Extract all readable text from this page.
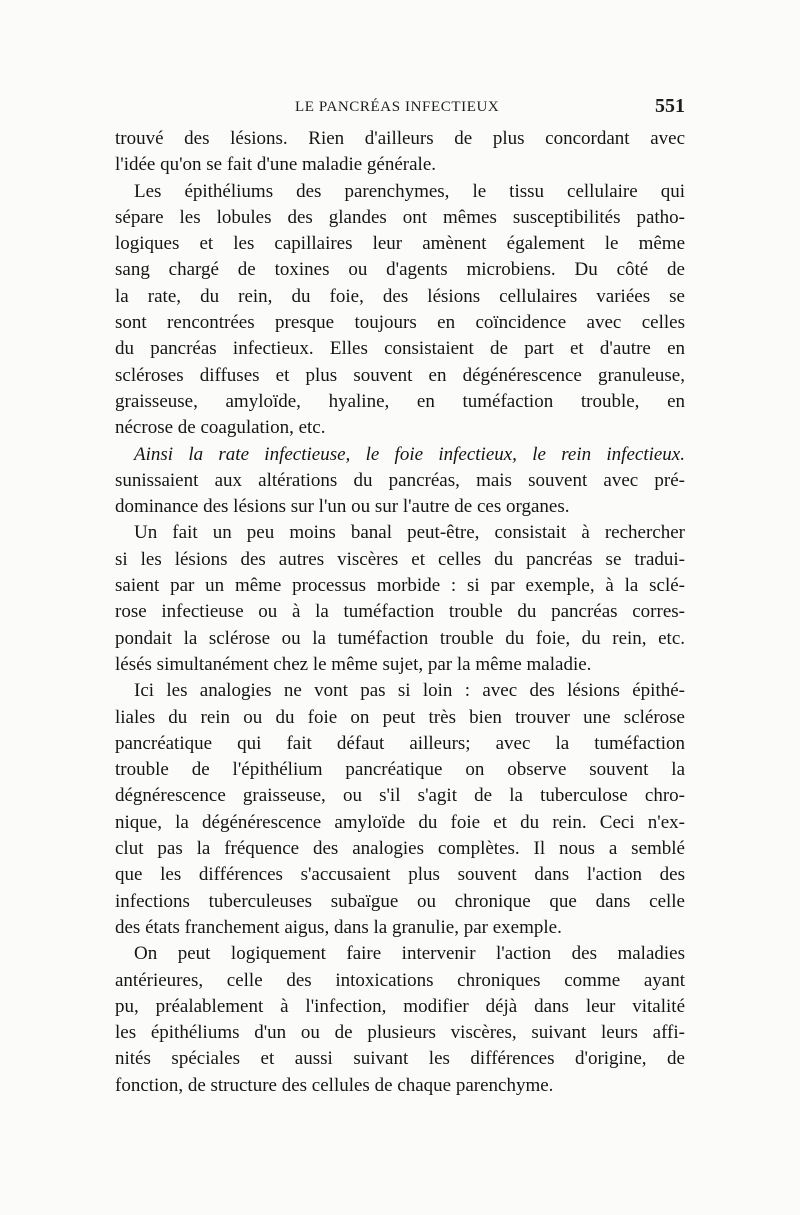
LE PANCRÉAS INFECTIEUX	551
trouvé des lésions. Rien d'ailleurs de plus concordant avec
l'idée qu'on se fait d'une maladie générale.
Les épithéliums des parenchymes, le tissu cellulaire qui
sépare les lobules des glandes ont mêmes susceptibilités patho-
logiques et les capillaires leur amènent également le même
sang chargé de toxines ou d'agents microbiens. Du côté de
la rate, du rein, du foie, des lésions cellulaires variées se
sont rencontrées presque toujours en coïncidence avec celles
du pancréas infectieux. Elles consistaient de part et d'autre en
scléroses diffuses et plus souvent en dégénérescence granuleuse,
graisseuse, amyloïde, hyaline, en tuméfaction trouble, en
nécrose de coagulation, etc.
Ainsi la rate infectieuse, le foie infectieux, le rein infectieux.
sunissaient aux altérations du pancréas, mais souvent avec pré-
dominance des lésions sur l'un ou sur l'autre de ces organes.
Un fait un peu moins banal peut-être, consistait à rechercher
si les lésions des autres viscères et celles du pancréas se tradui-
saient par un même processus morbide : si par exemple, à la sclé-
rose infectieuse ou à la tuméfaction trouble du pancréas corres-
pondait la sclérose ou la tuméfaction trouble du foie, du rein, etc.
lésés simultanément chez le même sujet, par la même maladie.
Ici les analogies ne vont pas si loin : avec des lésions épithé-
liales du rein ou du foie on peut très bien trouver une sclérose
pancréatique qui fait défaut ailleurs; avec la tuméfaction
trouble de l'épithélium pancréatique on observe souvent la
dégnérescence graisseuse, ou s'il s'agit de la tuberculose chro-
nique, la dégénérescence amyloïde du foie et du rein. Ceci n'ex-
clut pas la fréquence des analogies complètes. Il nous a semblé
que les différences s'accusaient plus souvent dans l'action des
infections tuberculeuses subaïgue ou chronique que dans celle
des états franchement aigus, dans la granulie, par exemple.
On peut logiquement faire intervenir l'action des maladies
antérieures, celle des intoxications chroniques comme ayant
pu, préalablement à l'infection, modifier déjà dans leur vitalité
les épithéliums d'un ou de plusieurs viscères, suivant leurs affi-
nités spéciales et aussi suivant les différences d'origine, de
fonction, de structure des cellules de chaque parenchyme.
